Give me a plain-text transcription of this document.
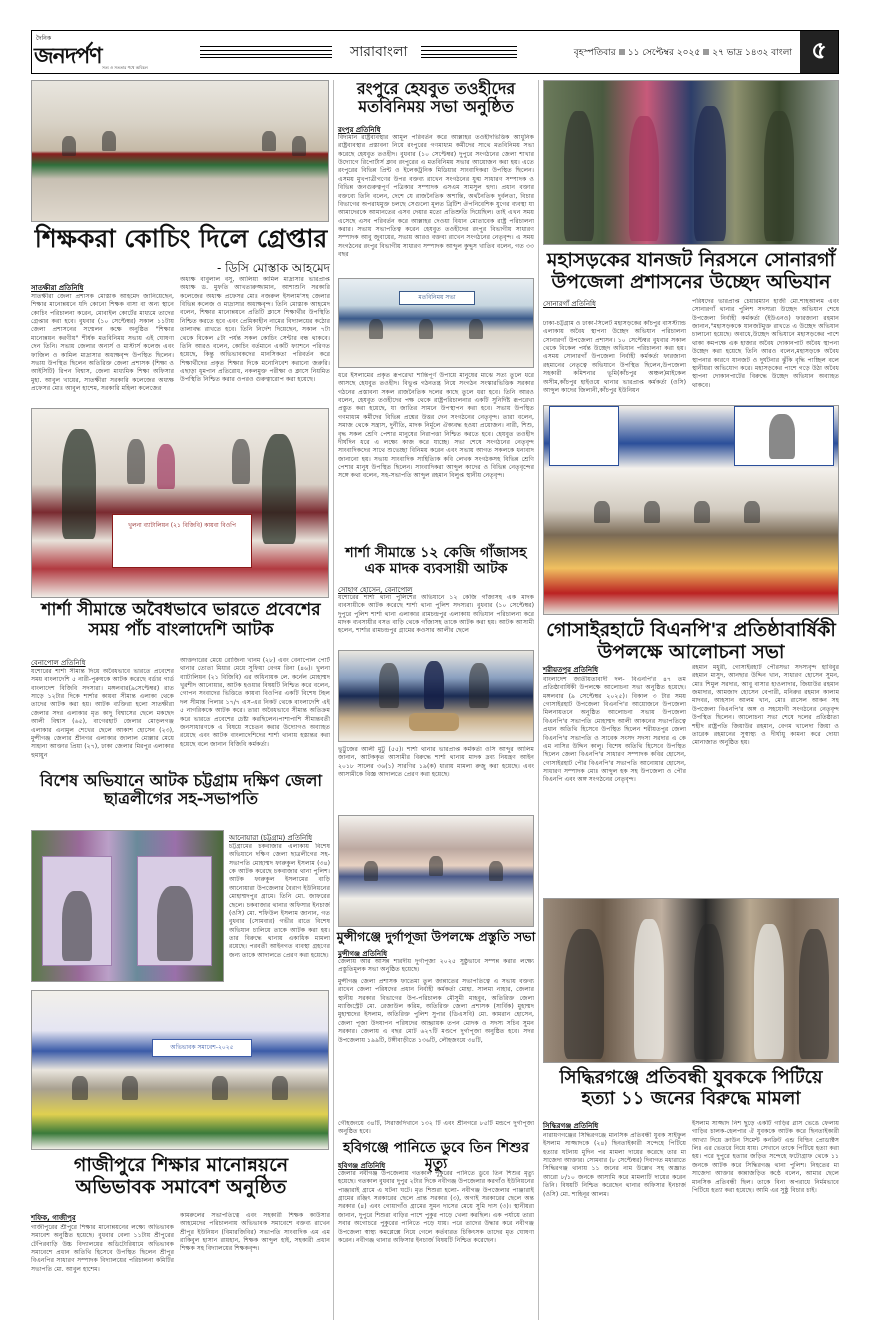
দৈনিক
জনদর্পণ সত্য ও সততার পথে অবিচল
সারাবাংলা	বৃহস্পতিবার ১১ সেপ্টেম্বর ২০২৫ ২৭ ভাদ্র ১৪৩২ বাংলা ৫
শিক্ষকরা কোচিং দিলে গ্রেপ্তার
- ডিসি মোস্তাক আহমেদ
সাতক্ষীরা প্রতিনিধি

সাতক্ষীরা জেলা প্রশাসক মোস্তাক আহমেদ জানিয়েছেন, শিক্ষার মানোন্নয়নে যদি কোনো শিক্ষক বাসা বা অন্য স্থানে কোচিং পরিচালনা করেন, মোবাইল কোর্টের মাধ্যমে তাদের গ্রেপ্তার করা হবে। বুধবার (১০ সেপ্টেম্বর) সকাল ১১টায় জেলা প্রশাসনের সম্মেলন কক্ষে অনুষ্ঠিত "শিক্ষার মানোন্নয়ন করণীয়" শীর্ষক মতবিনিময় সভায় এই ঘোষণা দেন তিনি। সভায় জেলার অনার্স ও মাস্টার্স কলেজ এবং ফাজিল ও কামিল মাদ্রাসার অধ্যক্ষবৃন্দ উপস্থিত ছিলেন। সভায় উপস্থিত ছিলেন অতিরিক্ত জেলা প্রশাসক (শিক্ষা ও আইসিটি) রিপন বিশ্বাস, জেলা মাধ্যমিক শিক্ষা অফিসার মুহা. আবুল খায়ের, সাতক্ষীরা সরকারি কলেজের অধ্যক্ষ প্রফেসর মোঃ আবুল হাশেম, সরকারি মহিলা কলেজের

অধ্যক্ষ বাবুলাল বসু, আলিয়া কামিল মাদ্রাসার ভারপ্রাপ্ত অধ্যক্ষ ড. মুফতি আখতারুজ্জামান, আশাশুনি সরকারি কলেজের অধ্যক্ষ প্রফেসর মোঃ নজরুল ইসলাম'সহ জেলার বিভিন্ন কলেজ ও মাদ্রাসার অধ্যক্ষবৃন্দ। তিনি মোস্তাক আহমেদ বলেন, শিক্ষার মানোন্নয়নে প্রতিটি ক্লাসে শিক্ষার্থীর উপস্থিতি নিশ্চিত করতে হবে এবং প্রেমিকাহীন নামের বিদ্যালয়ের কঠোর তালাবদ্ধ রাখতে হবে। তিনি নির্দেশ দিয়েছেন, সকাল ৭টা থেকে বিকেল ৫টা পর্যন্ত সকল কোচিং সেন্টার বন্ধ থাকবে। তিনি আরও বলেন, কোচিং বর্তমানে একটি ফ্যাশনে পরিণত হয়েছে, কিন্তু অভিভাবকদের মানসিকতা পরিবর্তন করে শিক্ষার্থীদের প্রকৃত শিক্ষার দিকে মনোনিবেশ করানো জরুরি। এছাড়া ধূমপান প্রতিরোধ, নকলমুক্ত পরীক্ষা ও ক্লাসে নিয়মিত উপস্থিতি নিশ্চিত করার ওপরও গুরুত্বারোপ করা হয়েছে।

খুলনা ব্যাটালিয়ন (২১ বিজিবি) কায়বা বিওপি
শার্শা সীমান্তে অবৈধভাবে ভারতে প্রবেশের সময় পাঁচ বাংলাদেশি আটক
বেনাপোল প্রতিনিধি

যশোরের শার্শা সীমান্ত দিয়ে অবৈধভাবে ভারতে প্রবেশের সময় বাংলাদেশি ৫ নারী-পুরুষকে আটক করেছে বর্ডার গার্ড বাংলাদেশ বিজিবি সদস্যরা। মঙ্গলবার(৯সেপ্টেম্বর) রাত সাড়ে ১২টার দিকে শার্শার কায়বা সীমান্ত এলাকা থেকে তাদের আটক করা হয়। আটক ব্যক্তিরা হলো সাতক্ষীরা জেলার সদর এলাকার মৃত কাদু বিশ্বাসের ছেলে মকছেদ আলী বিশ্বাস (৬৫), বাগেরহাট জেলার মোড়লগঞ্জ এলাকার এনামুল শেখের ছেলে আকাশ হোসেন (২৩), মুন্সীগঞ্জ জেলার শ্রীনগর এলাকার জালাল মোল্লার মেয়ে সাহানা আক্তার প্রিয়া (২৭), ঢাকা জেলার মিরপুর এলাকার হুমায়ুন

আক্তদারের মেয়ে রোজিনা খানম (২৮) এবং বেনাপোল পোর্ট থানার তোতা মিয়ার মেয়ে সুফিয়া বেগম রিনা (৪৬)। খুলনা ব্যাটালিয়ন (২১ বিজিবি) এর অধিনায়ক লে. কর্নেল মোহাম্মদ খুরশীদ আনোয়ার, আটক হওয়ার বিষয়টি নিশ্চিত করে বলেন, গোপন সংবাদের ভিত্তিতে কায়বা বিওপির একটি বিশেষ টহল দল সীমান্ত পিলার ১৭/৭ এস-এর নিকট থেকে বাংলাদেশি এই ৫ নাগরিককে আটক করে। তারা অবৈধভাবে সীমান্ত অতিক্রম করে ভারতে প্রবেশের চেষ্টা করছিলেন।পাশাপাশি সীমান্তবর্তী জনসাধারণকে এ বিষয়ে সচেতন করার উদ্যোগও অব্যাহত রয়েছে এবং আটক বাংলাদেশিদের শার্শা থানায় হস্তান্তর করা হয়েছে বলে জানান বিজিবি কর্মকর্তা।

বিশেষ অভিযানে আটক চট্টগ্রাম দক্ষিণ জেলা ছাত্রলীগের সহ-সভাপতি
আনোয়ারা (চট্টগ্রাম) প্রতিনিধি

চট্টগ্রামের চকবাজার এলাকায় বিশেষ অভিযানে দক্ষিণ জেলা ছাত্রলীগের সহ-সভাপতি মোহাম্মদ ফারুকুল ইসলাম (৩৪) কে আটক করেছে চকবাজার থানা পুলিশ। আটক ফারুকুল ইসলামের বাড়ি আনোয়ারা উপজেলার বৈরাগ ইউনিয়নের মোহাম্মদপুর গ্রামে। তিনি মো. জাফরের ছেলে। চকবাজার থানার অফিসার ইনচার্জ (ওসি) মো. শফিউল ইসলাম জানান, গত বুধবার (সোমবার) গভীর রাতে বিশেষ অভিযান চালিয়ে তাকে আটক করা হয়। তার বিরুদ্ধে থানায় একাধিক মামলা রয়েছে। পরবর্তী আইনগত ব্যবস্থা গ্রহণের জন্য তাকে আদালতে প্রেরণ করা হয়েছে।

অভিভাবক সমাবেশ-২০২৫
গাজীপুরে শিক্ষার মানোন্নয়নে অভিভাবক সমাবেশ অনুষ্ঠিত
শফিক, গাজীপুর

গাজীপুরের শ্রীপুরে শিক্ষার মানোন্নয়নের লক্ষ্যে অভিভাবক সমাবেশ অনুষ্ঠিত হয়েছে। বুধবার বেলা ১১টায় শ্রীপুরের টেপিরবাড়ি উচ্চ বিদ্যালয়ের অডিটোরিয়ামে অভিভাবক সমাবেশে প্রধান অতিথি হিসেবে উপস্থিত ছিলেন শ্রীপুর বিএনপির সাধারণ সম্পাদক বিদ্যালয়ের পরিচালনা কমিটির সভাপতি মো. আবুল হাশেম।

কামরুলের সভাপতিত্বে এবং সহকারী শিক্ষক কাউসার আহমেদের পরিচালনায় অভিভাবক সমাবেশে বক্তব্য রাখেন শ্রীপুর ইউনিয়ন (বিমারজিবির) সভাপতি সাংবাদিক এম এম রাকিবুল হাসান রায়হান, শিক্ষক আব্দুল হাই, সহকারী প্রধান শিক্ষক সহ বিদ্যালয়ের শিক্ষকবৃন্দ।

রংপুরে হেযবুত তওহীদের মতবিনিময় সভা অনুষ্ঠিত
রংপুর প্রতিনিধি

বিদ্যমান রাষ্ট্রব্যবস্থার আমূল পরিবর্তন করে আল্লাহর তওহীদভিত্তিক আধুনিক রাষ্ট্রব্যবস্থার প্রস্তাবনা নিয়ে রংপুরের গণমাধ্যম কর্মীদের সাথে মতবিনিময় সভা করেছে হেযবুত তওহীদ। বুধবার (১০ সেপ্টেম্বর) দুপুরে সংগঠনের জেলা শাখার উদ্যোগে রিপোর্টার্স ক্লাব রংপুরের এ মতবিনিময় সভার আয়োজন করা হয়। এতে রংপুরের বিভিন্ন প্রিন্ট ও ইলেকট্রনিক মিডিয়ার সাংবাদিকরা উপস্থিত ছিলেন। এসময় মুখপাত্রীগণের উপর বক্তব্য রাখেন সংগঠনের যুগ্ম সাধারণ সম্পাদক ও বিভিন্ন জনগুরুত্বপূর্ণ পত্রিকার সম্পাদক এসএম সামসুল হুদা। প্রধান বক্তার বক্তব্যে তিনি বলেন, দেশে যে রাজনৈতিক অশান্তি, অর্থনৈতিক দুর্বলতা, বিচার বিভাগের অপরাধমুক্ত চলছে সেগুলো মূলত ব্রিটিশ ঔপনিবেশিক যুগের ব্যবস্থা যা আমাদেরকে আমানতের এসব দেয়ার মতো প্রতিশ্রুতি দিয়েছিল। তাই এখন সময় এসেছে এসব পরিবর্তন করে আল্লাহর দেওয়া বিধান মোতাবেক রাষ্ট্র পরিচালনা করার। সভায় সভাপতিত্ব করেন হেযবুত তওহীদের রংপুর বিভাগীয় সাধারণ সম্পাদক আবু জুবায়ের, সভায় আরও বক্তব্য রাখেন সংগঠনের নেতৃবৃন্দ। এ সময় সংগঠনের রংপুর বিভাগীয় সাধারণ সম্পাদক আব্দুল কুদ্দুস খাতিব বলেন, গত ৩৩ বছর

মতবিনিময় সভা

ধরে ইসলামের প্রকৃত রূপরেখা শান্তিপূর্ণ উপায়ে মানুষের মাঝে সত্য তুলে ধরে আসছে হেযবুত তওহীদ। বিভুপ্ত গঠনতন্ত্র নিয়ে সংগঠন সংস্কারভিত্তিক সরকার গঠনের প্রস্তাবনা সকল রাজনৈতিক দলের কাছে তুলে ধরা হবে। তিনি আরও বলেন, হেযবুত তওহীদের পক্ষ থেকে রাষ্ট্রপরিচালনার একটি সুনির্দিষ্ট রূপরেখা প্রস্তুত করা হয়েছে, যা জাতির সামনে উপস্থাপন করা হবে। সভায় উপস্থিত গণমাধ্যম কর্মীদের বিভিন্ন প্রশ্নের উত্তর দেন সংগঠনের নেতৃবৃন্দ। তারা বলেন, সমাজ থেকে সন্ত্রাস, দুর্নীতি, মাদক নির্মূলে ঐক্যবদ্ধ হওয়া প্রয়োজন। নারী, শিশু, বৃদ্ধ সকল শ্রেণি পেশার মানুষের নিরাপত্তা নিশ্চিত করতে হবে। হেযবুত তওহীদ দীর্ঘদিন ধরে এ লক্ষ্যে কাজ করে যাচ্ছে। সভা শেষে সংগঠনের নেতৃবৃন্দ সাংবাদিকদের সাথে শুভেচ্ছা বিনিময় করেন এবং সভায় আগত সকলকে ধন্যবাদ জানানো হয়। সভায় সাংবাদিক সাহিত্যিক কবি লেখক সংগঠকসহ বিভিন্ন শ্রেণি পেশার মানুষ উপস্থিত ছিলেন। সাংবাদিকরা আব্দুল কাদের ও বিভিন্ন নেতৃবৃন্দের সঙ্গে কথা বলেন, সহ-সভাপতি আব্দুল রহমান বিলুপ্ত স্থানীয় নেতৃবৃন্দ।

শার্শা সীমান্তে ১২ কেজি গাঁজাসহ এক মাদক ব্যবসায়ী আটক
সোহাগ হোসেন, বেনাপোল

যশোরের শার্শা থানা পুলিশের অভিযানে ১২ কেজি গাঁজাসহ এক মাদক ব্যবসায়ীকে আটক করেছে শার্শা থানা পুলিশ সদস্যরা। বুধবার (১০ সেপ্টেম্বর) দুপুরে পুলিশ শার্শা থানা এলাকার রামচন্দ্রপুর এলাকায় অভিযান পরিচালনা করে মাদক ব্যবসায়ীর বসত বাড়ি থেকে গাঁজাসহ তাকে আটক করা হয়। আটক আসামী হলেন, শার্শার রামচন্দ্রপুর গ্রামের কওসার আলীর ছেলে

ভুট্টুজের আলী মুট্টু (৫৫)। শার্শা থানার ভারপ্রাপ্ত কর্মকর্তা ওসি আব্দুর আলিম জানান, আটককৃত আসামীর বিরুদ্ধে শার্শা থানায় মাদক দ্রব্য নিয়ন্ত্রণ আইন ২০১৮ সালের ৩৬(১) সারণির ১৯(ক) ধারায় মামলা রুজু করা হয়েছে। এবং আসামীকে বিজ্ঞ আদালতে প্রেরণ করা হয়েছে।

মুন্সীগঞ্জে দুর্গাপূজা উপলক্ষে প্রস্তুতি সভা
মুন্সীগঞ্জ প্রতিনিধি

জেলায় আর আসন্ন শারদীয় দুর্গাপূজা ২০২৫ সুষ্ঠুভাবে সম্পন্ন করার লক্ষ্যে প্রস্তুতিমূলক সভা অনুষ্ঠিত হয়েছে।

মুন্সীগঞ্জ জেলা প্রশাসক ফাতেমা তুল জান্নাতের সভাপতিত্বে এ সভায় বক্তব্য রাখেন জেলা পরিষদের প্রধান নির্বাহী কর্মকর্তা মোহা. সালমা নাহার, জেলার স্থানীয় সরকার বিভাগের উপ-পরিচালক মৌসুমী মাহবুব, অতিরিক্ত জেলা ম্যাজিস্ট্রেট মো. রেজাউল করিম, অতিরিক্ত জেলা প্রশাসক (সার্বিক) মুহাম্মদ মুহাম্মদের ইসলাম, অতিরিক্ত পুলিশ সুপার (ডিএসবি) মো. কামরান হোসেন, জেলা পূজা উদযাপন পরিষদের আহ্বায়ক তপন মোদক ও সদস্য সচিব সুমন সরকার। জেলায় এ বছর মোট ৬২৭টি মণ্ডপে দুর্গাপূজা অনুষ্ঠিত হবে। সদর উপজেলায় ১৯৯টি, টঙ্গীবাড়ীতে ১৩৬টি, লৌহজংয়ে ৩৪টি,

গৌহজংয়ে ৩৪টি, সিরাজদিখানে ১৩২ টি এবং শ্রীনগরে ৮৫টি মন্ডপে দুর্গাপূজা অনুষ্ঠিত হবে।

হবিগঞ্জে পানিতে ডুবে তিন শিশুর মৃত্যু
হবিগঞ্জ প্রতিনিধি

জেলার নবীগঞ্জ উপজেলায় গতকাল পুকুরের পানিতে ডুবে তিন শিশুর মৃত্যু হয়েছে। গতকাল বুধবার দুপুর ২টার দিকে নবীগঞ্জ উপজেলার করগাঁও ইউনিয়নের পাঞ্জারাই গ্রামে এ ঘটনা ঘটে। মৃত শিশুরা হলো- নবীগঞ্জ উপজেলার পাঞ্জারাই গ্রামের রঞ্জিৎ সরকারের ছেলে প্রান্ত সরকার (৩), অগাই সরকারের ছেলে অন্ত সরকার (৪) এবং গোয়াগাঁও গ্রামের সুমন দাসের মেয়ে সুমি দাস (৩)। স্থানীয়রা জানান, দুপুরে শিশুরা বাড়ির পাশে পুকুর পাড়ে খেলা করছিল। এক পর্যায়ে তারা সবার অগোচরে পুকুরের পানিতে পড়ে যায়। পরে তাদের উদ্ধার করে নবীগঞ্জ উপজেলা স্বাস্থ্য কমপ্লেক্সে নিয়ে গেলে কর্তব্যরত চিকিৎসক তাদের মৃত ঘোষণা করেন। নবীগঞ্জ থানার অফিসার ইনচার্জ বিষয়টি নিশ্চিত করেছেন।

মহাসড়কের যানজট নিরসনে সোনারগাঁ উপজেলা প্রশাসনের উচ্ছেদ অভিযান
সোনারগাঁ প্রতিনিধি

ঢাকা-চট্টগ্রাম ও ঢাকা-সিলেট মহাসড়কের কাঁচপুর বাসস্ট্যান্ড এলাকায় অবৈধ স্থাপনা উচ্ছেদ অভিযান পরিচালনা সোনারগাঁ উপজেলা প্রশাসন। ১০ সেপ্টেম্বর বুধবার সকাল থেকে বিকেল পর্যন্ত উচ্ছেদ অভিযান পরিচালনা করা হয়। এসময় সোনারগাঁ উপজেলা নির্বাহী কর্মকর্তা ফারজানা রহমানের নেতৃত্বে অভিযানে উপস্থিত ছিলেন,উপজেলা সহকারী কমিশনার ভূমি(কাঁচপুর অঞ্চল)মাইকেল অসীম,কাঁচপুর হাইওয়ে থানার ভারপ্রাপ্ত কর্মকর্তা (ওসি) আব্দুল কাদের জিলানী,কাঁচপুর ইউনিয়ন

পরিষদের ভারপ্রাপ্ত চেয়ারম্যান হাজী মো.শাহআলম এবং সোনারগাঁ থানার পুলিশ সদস্যরা উচ্ছেদ অভিযান শেষে উপজেলা নির্বাহী কর্মকর্তা (ইউএনও) ফারজানা রহমান জানান,"মহাসড়ককে যানজটমুক্ত রাখতে এ উচ্ছেদ অভিযান চালানো হয়েছে। অবাধে,উচ্ছেদ অভিযানে মহাসড়কের পাশে থাকা কমপক্ষে এক হাজার অবৈধ দোকানপাট অবৈধ স্থাপনা উচ্ছেদ করা হয়েছে তিনি আরও বলেন,মহাসড়কে অবৈধ স্থাপনার কারণে যানজট ও দুর্ঘটনার ঝুঁকি বৃদ্ধি পাচ্ছিল বলে স্থানীয়রা অভিযোগ করে। মহাসড়কের পাশে গড়ে উঠা অবৈধ স্থাপনা দোকানপাটের বিরুদ্ধে উচ্ছেদ অভিযান অব্যাহত থাকবে।

গোসাইরহাটে বিএনপি'র প্রতিষ্ঠাবার্ষিকী উপলক্ষে আলোচনা সভা
শরীয়তপুর প্রতিনিধি

বাংলাদেশ জাতীয়তাবাদী দল- বিএনপি'র ৪৭ তম প্রতিষ্ঠাবার্ষিকী উপলক্ষে আলোচনা সভা অনুষ্ঠিত হয়েছে। মঙ্গলবার (৯ সেপ্টেম্বর ২০২৫)। বিকাল ৩ টার সময় গোসাইরহাট উপজেলা বিএনপি'র আয়োজনে উপজেলা মিলনায়তনে অনুষ্ঠিত আলোচনা সভায় উপজেলা বিএনপি'র সভাপতি মোহাম্মদ আলী আকনের সভাপতিত্বে প্রধান অতিথি হিসেবে উপস্থিত ছিলেন শরীয়তপুর জেলা বিএনপি'র সভাপতি ও সাবেক সংসদ সদস্য সরদার এ কে এম নাসির উদ্দিন কালু। বিশেষ অতিথি হিসেবে উপস্থিত ছিলেন জেলা বিএনপি'র সাধারণ সম্পাদক কবির হোসেন, গোসাইরহাট পৌর বিএনপি'র সভাপতি আনোয়ার হোসেন, সাধারণ সম্পাদক মোঃ আব্দুল হক সহ উপজেলা ও পৌর বিএনপি এবং অঙ্গ সংগঠনের নেতৃবৃন্দ।

রহমান মধুরী, গোসাইরহাট পৌরসভা সদস্যবৃন্দ হাবিবুর রহমান মাসুদ, আনছার উদ্দিন খান, সাধারণ হোসেন সুমন, মোঃ শিমুল সরদার, আবু বাসার হাওলাদার, জিয়াউর রহমান জমাদার, আমজাদ হোসেন বেপারী, মনিরুর রহমান কালাম মাদবর, আহসান আলম খান, মোঃ রাসেল আকন সহ উপজেলা বিএনপি'র অঙ্গ ও সহযোগী সংগঠনের নেতৃবৃন্দ উপস্থিত ছিলেন। আলোচনা সভা শেষে দলের প্রতিষ্ঠাতা শহীদ রাষ্ট্রপতি জিয়াউর রহমান, বেগম খালেদা জিয়া ও তারেক রহমানের সুস্বাস্থ্য ও দীর্ঘায়ু কামনা করে দোয়া মোনাজাত অনুষ্ঠিত হয়।

সিদ্ধিরগঞ্জে প্রতিবন্ধী যুবককে পিটিয়ে হত্যা ১১ জনের বিরুদ্ধে মামলা
সিদ্ধিরগঞ্জ প্রতিনিধি

নারায়ণগঞ্জের সিদ্ধিরগঞ্জে মানসিক প্রতিবন্ধী যুবক সাইফুল ইসলাম সাজ্জাদকে (২৪) ছিনতাইকারী সন্দেহে পিটিয়ে হত্যার ঘটনায় মুদিন পর মামলা দায়ের করেছে তার মা সাজেদা আক্তার। সোমবার (৮ সেপ্টেম্বর) দিবাগত মধ্যরাতে সিদ্ধিরগঞ্জ থানায় ১১ জনের নাম উল্লেখ সহ অজ্ঞাত আরো ৮/১০ জনকে আসামি করে মামলাটি দায়ের করেন তিনি। বিষয়টি নিশ্চিত করেছেন থানার অফিসার ইনচার্জ (ওসি) মো. শাহিনূর আলম।

ইসলাম সাজ্জাদ নিশ ছুড়ে একটি গাড়ির গ্লাস ভেঙে ফেলায় গাড়ির চালক-হেলপার ঐ যুবককে আটক করে ছিনতাইকারী আখ্যা দিয়ে ক্রাউন সিমেন্ট কনক্রিট এন্ড বিল্ডিং প্রোডাক্টস লিঃ এর ভেতরে নিয়ে যায়। সেখানে তাকে পিটিয়ে হত্যা করা হয়। পরে দুপুরে হত্যার জড়িত সন্দেহে ফটোগ্রাফ থেকে ১১ জনকে আটক করে সিদ্ধিরগঞ্জ থানা পুলিশ। নিহতের মা সাজেদা আক্তার কান্নাজড়িত কণ্ঠে বলেন, আমার ছেলে মানসিক প্রতিবন্ধী ছিল। তাকে বিনা অপরাধে নির্মমভাবে পিটিয়ে হত্যা করা হয়েছে। আমি এর সুষ্ঠু বিচার চাই।
